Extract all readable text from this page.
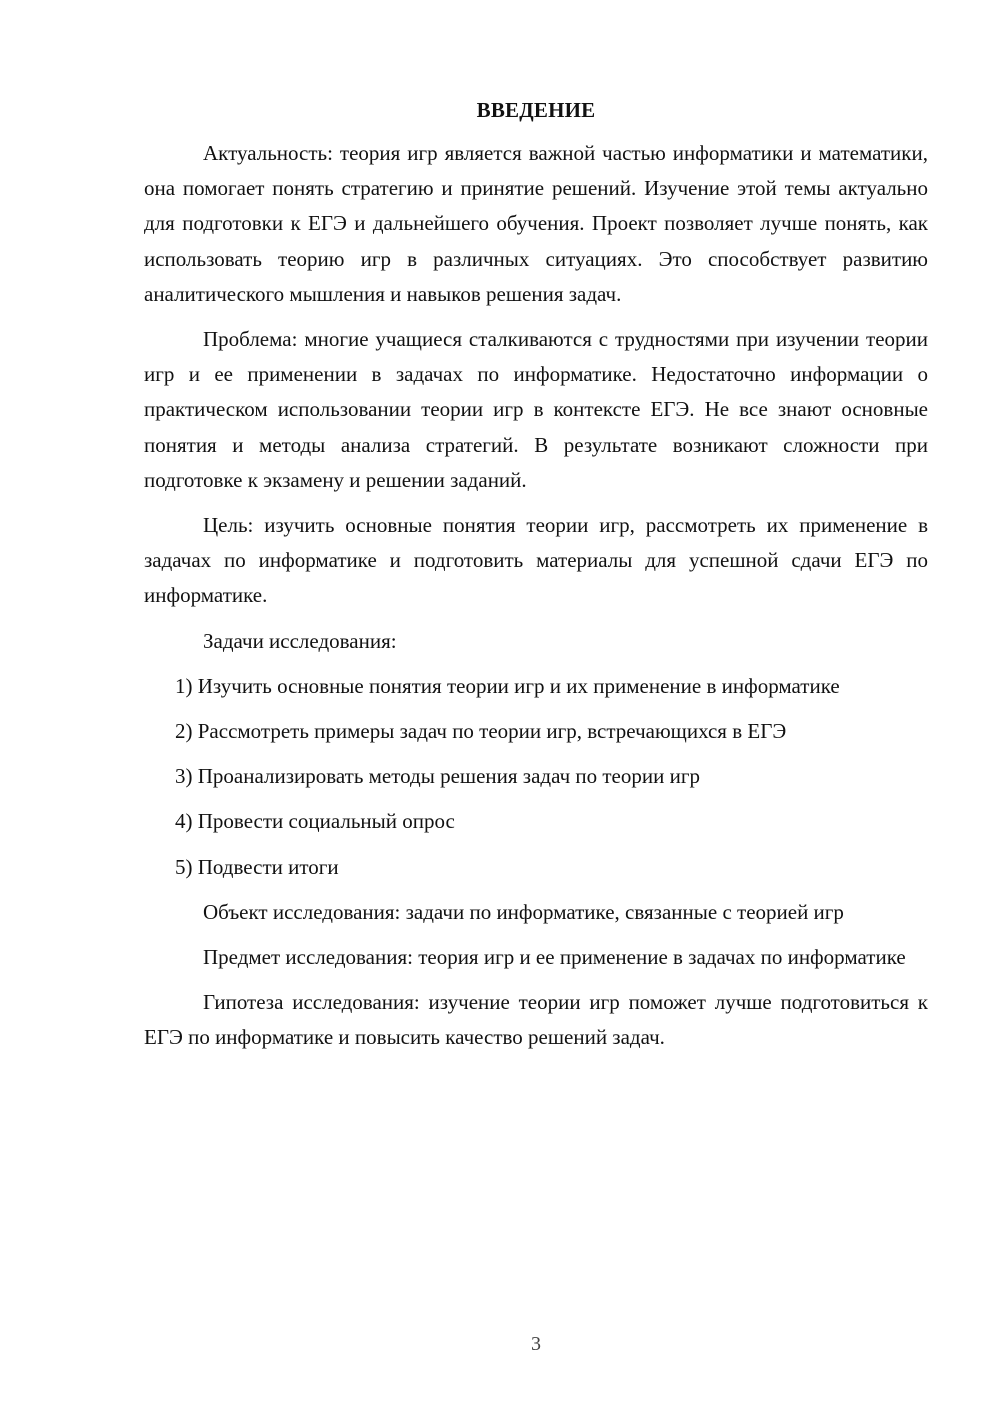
ВВЕДЕНИЕ

Актуальность: теория игр является важной частью информатики и математики, она помогает понять стратегию и принятие решений. Изучение этой темы актуально для подготовки к ЕГЭ и дальнейшего обучения. Проект позволяет лучше понять, как использовать теорию игр в различных ситуациях. Это способствует развитию аналитического мышления и навыков решения задач.

Проблема: многие учащиеся сталкиваются с трудностями при изучении теории игр и ее применении в задачах по информатике. Недостаточно информации о практическом использовании теории игр в контексте ЕГЭ. Не все знают основные понятия и методы анализа стратегий. В результате возникают сложности при подготовке к экзамену и решении заданий.

Цель: изучить основные понятия теории игр, рассмотреть их применение в задачах по информатике и подготовить материалы для успешной сдачи ЕГЭ по информатике.

Задачи исследования:

1) Изучить основные понятия теории игр и их применение в информатике

2) Рассмотреть примеры задач по теории игр, встречающихся в ЕГЭ

3) Проанализировать методы решения задач по теории игр

4) Провести социальный опрос

5) Подвести итоги

Объект исследования: задачи по информатике, связанные с теорией игр

Предмет исследования: теория игр и ее применение в задачах по информатике

Гипотеза исследования: изучение теории игр поможет лучше подготовиться к ЕГЭ по информатике и повысить качество решений задач.

3
